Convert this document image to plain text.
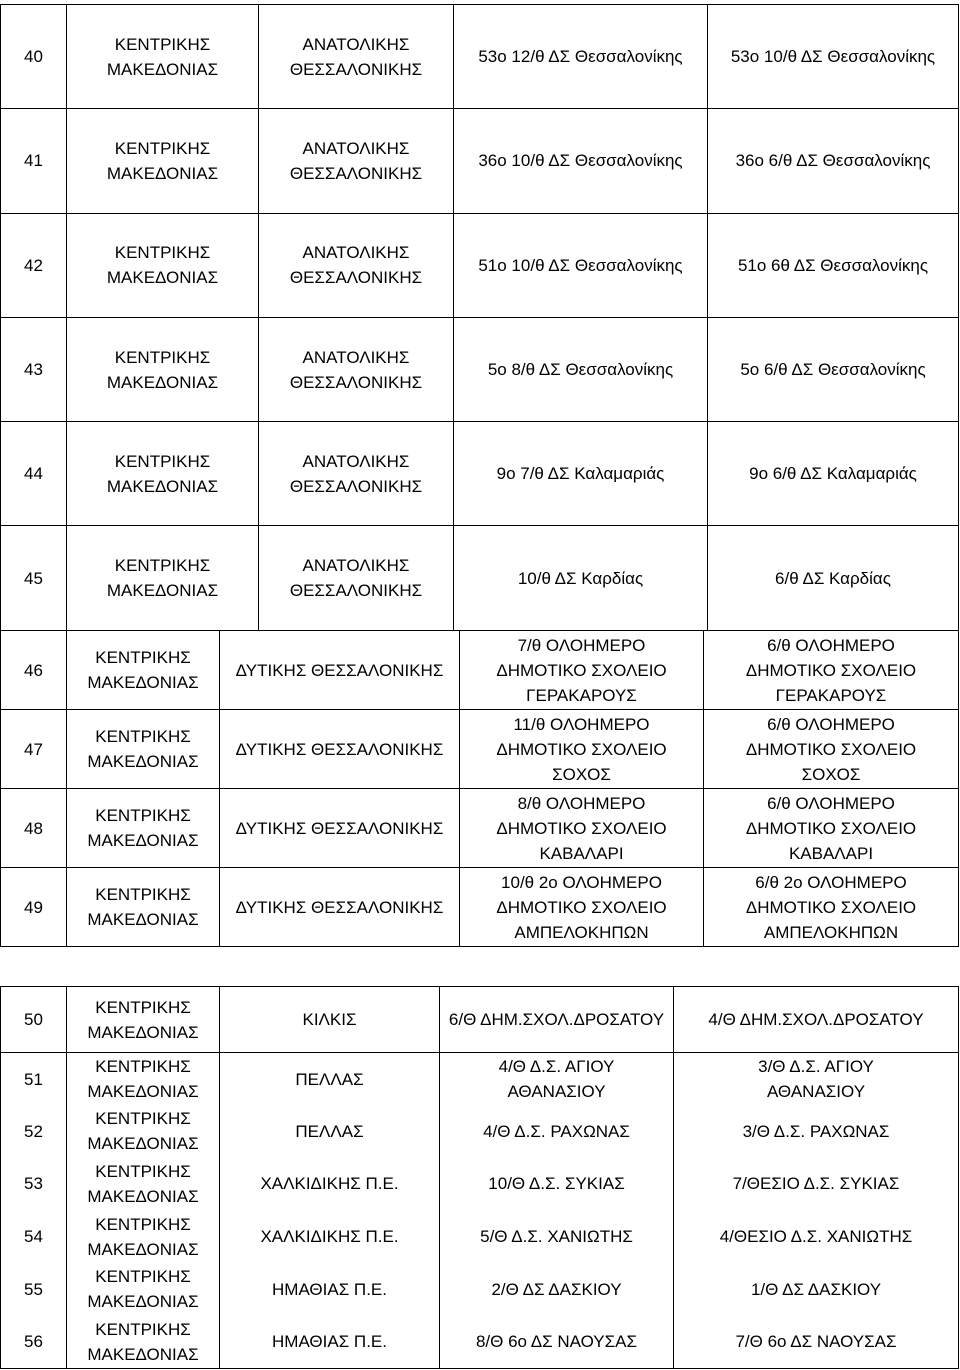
40	ΚΕΝΤΡΙΚΗΣ
ΜΑΚΕΔΟΝΙΑΣ	ΑΝΑΤΟΛΙΚΗΣ
ΘΕΣΣΑΛΟΝΙΚΗΣ	53ο 12/θ ΔΣ Θεσσαλονίκης	53ο 10/θ ΔΣ Θεσσαλονίκης
41	ΚΕΝΤΡΙΚΗΣ
ΜΑΚΕΔΟΝΙΑΣ	ΑΝΑΤΟΛΙΚΗΣ
ΘΕΣΣΑΛΟΝΙΚΗΣ	36ο 10/θ ΔΣ Θεσσαλονίκης	36ο 6/θ ΔΣ Θεσσαλονίκης
42	ΚΕΝΤΡΙΚΗΣ
ΜΑΚΕΔΟΝΙΑΣ	ΑΝΑΤΟΛΙΚΗΣ
ΘΕΣΣΑΛΟΝΙΚΗΣ	51ο 10/θ ΔΣ Θεσσαλονίκης	51ο 6θ ΔΣ Θεσσαλονίκης
43	ΚΕΝΤΡΙΚΗΣ
ΜΑΚΕΔΟΝΙΑΣ	ΑΝΑΤΟΛΙΚΗΣ
ΘΕΣΣΑΛΟΝΙΚΗΣ	5ο 8/θ ΔΣ Θεσσαλονίκης	5ο 6/θ ΔΣ Θεσσαλονίκης
44	ΚΕΝΤΡΙΚΗΣ
ΜΑΚΕΔΟΝΙΑΣ	ΑΝΑΤΟΛΙΚΗΣ
ΘΕΣΣΑΛΟΝΙΚΗΣ	9ο 7/θ ΔΣ Καλαμαριάς	9ο 6/θ ΔΣ Καλαμαριάς
45	ΚΕΝΤΡΙΚΗΣ
ΜΑΚΕΔΟΝΙΑΣ	ΑΝΑΤΟΛΙΚΗΣ
ΘΕΣΣΑΛΟΝΙΚΗΣ	10/θ ΔΣ Καρδίας	6/θ ΔΣ Καρδίας
46	ΚΕΝΤΡΙΚΗΣ
ΜΑΚΕΔΟΝΙΑΣ	ΔΥΤΙΚΗΣ ΘΕΣΣΑΛΟΝΙΚΗΣ	7/θ ΟΛΟΗΜΕΡΟ
ΔΗΜΟΤΙΚΟ ΣΧΟΛΕΙΟ
ΓΕΡΑΚΑΡΟΥΣ	6/θ ΟΛΟΗΜΕΡΟ
ΔΗΜΟΤΙΚΟ ΣΧΟΛΕΙΟ
ΓΕΡΑΚΑΡΟΥΣ

47	ΚΕΝΤΡΙΚΗΣ
ΜΑΚΕΔΟΝΙΑΣ	ΔΥΤΙΚΗΣ ΘΕΣΣΑΛΟΝΙΚΗΣ	11/θ ΟΛΟΗΜΕΡΟ
ΔΗΜΟΤΙΚΟ ΣΧΟΛΕΙΟ
ΣΟΧΟΣ	6/θ ΟΛΟΗΜΕΡΟ
ΔΗΜΟΤΙΚΟ ΣΧΟΛΕΙΟ
ΣΟΧΟΣ

48	ΚΕΝΤΡΙΚΗΣ
ΜΑΚΕΔΟΝΙΑΣ	ΔΥΤΙΚΗΣ ΘΕΣΣΑΛΟΝΙΚΗΣ	8/θ ΟΛΟΗΜΕΡΟ
ΔΗΜΟΤΙΚΟ ΣΧΟΛΕΙΟ
ΚΑΒΑΛΑΡΙ	6/θ ΟΛΟΗΜΕΡΟ
ΔΗΜΟΤΙΚΟ ΣΧΟΛΕΙΟ
ΚΑΒΑΛΑΡΙ

49	ΚΕΝΤΡΙΚΗΣ
ΜΑΚΕΔΟΝΙΑΣ	ΔΥΤΙΚΗΣ ΘΕΣΣΑΛΟΝΙΚΗΣ	10/θ 2ο ΟΛΟΗΜΕΡΟ
ΔΗΜΟΤΙΚΟ ΣΧΟΛΕΙΟ
ΑΜΠΕΛΟΚΗΠΩΝ	6/θ 2ο ΟΛΟΗΜΕΡΟ
ΔΗΜΟΤΙΚΟ ΣΧΟΛΕΙΟ
ΑΜΠΕΛΟΚΗΠΩΝ
50	ΚΕΝΤΡΙΚΗΣ
ΜΑΚΕΔΟΝΙΑΣ	ΚΙΛΚΙΣ	6/Θ ΔΗΜ.ΣΧΟΛ.ΔΡΟΣΑΤΟΥ	4/Θ ΔΗΜ.ΣΧΟΛ.ΔΡΟΣΑΤΟΥ

51	ΚΕΝΤΡΙΚΗΣ
ΜΑΚΕΔΟΝΙΑΣ	ΠΕΛΛΑΣ	4/Θ Δ.Σ. ΑΓΙΟΥ
ΑΘΑΝΑΣΙΟΥ	3/Θ Δ.Σ. ΑΓΙΟΥ
ΑΘΑΝΑΣΙΟΥ

52	ΚΕΝΤΡΙΚΗΣ
ΜΑΚΕΔΟΝΙΑΣ	ΠΕΛΛΑΣ	4/Θ Δ.Σ. ΡΑΧΩΝΑΣ	3/Θ Δ.Σ. ΡΑΧΩΝΑΣ

53	ΚΕΝΤΡΙΚΗΣ
ΜΑΚΕΔΟΝΙΑΣ	ΧΑΛΚΙΔΙΚΗΣ Π.Ε.	10/Θ Δ.Σ. ΣΥΚΙΑΣ	7/ΘΕΣΙΟ Δ.Σ. ΣΥΚΙΑΣ

54	ΚΕΝΤΡΙΚΗΣ
ΜΑΚΕΔΟΝΙΑΣ	ΧΑΛΚΙΔΙΚΗΣ Π.Ε.	5/Θ Δ.Σ. ΧΑΝΙΩΤΗΣ	4/ΘΕΣΙΟ Δ.Σ. ΧΑΝΙΩΤΗΣ

55	ΚΕΝΤΡΙΚΗΣ
ΜΑΚΕΔΟΝΙΑΣ	ΗΜΑΘΙΑΣ Π.Ε.	2/Θ ΔΣ ΔΑΣΚΙΟΥ	1/Θ ΔΣ ΔΑΣΚΙΟΥ

56	ΚΕΝΤΡΙΚΗΣ
ΜΑΚΕΔΟΝΙΑΣ	ΗΜΑΘΙΑΣ Π.Ε.	8/Θ 6ο ΔΣ ΝΑΟΥΣΑΣ	7/Θ 6ο ΔΣ ΝΑΟΥΣΑΣ
